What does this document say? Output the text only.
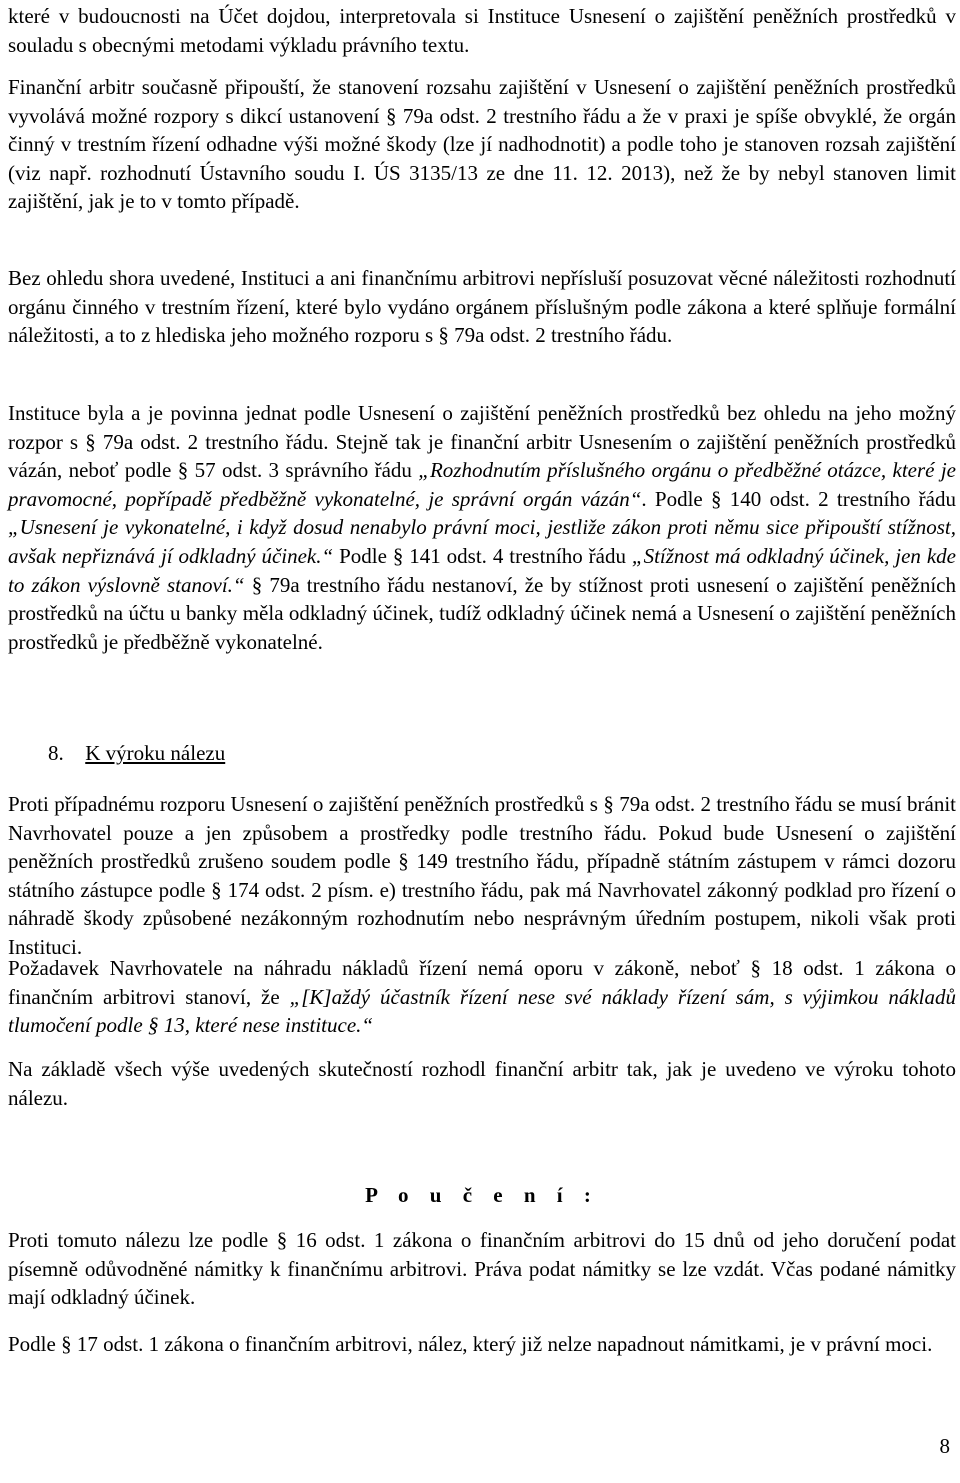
které v budoucnosti na Účet dojdou, interpretovala si Instituce Usnesení o zajištění peněžních prostředků v souladu s obecnými metodami výkladu právního textu.

Finanční arbitr současně připouští, že stanovení rozsahu zajištění v Usnesení o zajištění peněžních prostředků vyvolává možné rozpory s dikcí ustanovení § 79a odst. 2 trestního řádu a že v praxi je spíše obvyklé, že orgán činný v trestním řízení odhadne výši možné škody (lze jí nadhodnotit) a podle toho je stanoven rozsah zajištění (viz např. rozhodnutí Ústavního soudu I. ÚS 3135/13 ze dne 11. 12. 2013), než že by nebyl stanoven limit zajištění, jak je to v tomto případě.

Bez ohledu shora uvedené, Instituci a ani finančnímu arbitrovi nepřísluší posuzovat věcné náležitosti rozhodnutí orgánu činného v trestním řízení, které bylo vydáno orgánem příslušným podle zákona a které splňuje formální náležitosti, a to z hlediska jeho možného rozporu s § 79a odst. 2 trestního řádu.

Instituce byla a je povinna jednat podle Usnesení o zajištění peněžních prostředků bez ohledu na jeho možný rozpor s § 79a odst. 2 trestního řádu. Stejně tak je finanční arbitr Usnesením o zajištění peněžních prostředků vázán, neboť podle § 57 odst. 3 správního řádu „Rozhodnutím příslušného orgánu o předběžné otázce, které je pravomocné, popřípadě předběžně vykonatelné, je správní orgán vázán“. Podle § 140 odst. 2 trestního řádu „Usnesení je vykonatelné, i když dosud nenabylo právní moci, jestliže zákon proti němu sice připouští stížnost, avšak nepřiznává jí odkladný účinek.“ Podle § 141 odst. 4 trestního řádu „Stížnost má odkladný účinek, jen kde to zákon výslovně stanoví.“ § 79a trestního řádu nestanoví, že by stížnost proti usnesení o zajištění peněžních prostředků na účtu u banky měla odkladný účinek, tudíž odkladný účinek nemá a Usnesení o zajištění peněžních prostředků je předběžně vykonatelné.

8. K výroku nálezu

Proti případnému rozporu Usnesení o zajištění peněžních prostředků s § 79a odst. 2 trestního řádu se musí bránit Navrhovatel pouze a jen způsobem a prostředky podle trestního řádu. Pokud bude Usnesení o zajištění peněžních prostředků zrušeno soudem podle § 149 trestního řádu, případně státním zástupem v rámci dozoru státního zástupce podle § 174 odst. 2 písm. e) trestního řádu, pak má Navrhovatel zákonný podklad pro řízení o náhradě škody způsobené nezákonným rozhodnutím nebo nesprávným úředním postupem, nikoli však proti Instituci.

Požadavek Navrhovatele na náhradu nákladů řízení nemá oporu v zákoně, neboť § 18 odst. 1 zákona o finančním arbitrovi stanoví, že „[K]aždý účastník řízení nese své náklady řízení sám, s výjimkou nákladů tlumočení podle § 13, které nese instituce.“

Na základě všech výše uvedených skutečností rozhodl finanční arbitr tak, jak je uvedeno ve výroku tohoto nálezu.

P o u č e n í :

Proti tomuto nálezu lze podle § 16 odst. 1 zákona o finančním arbitrovi do 15 dnů od jeho doručení podat písemně odůvodněné námitky k finančnímu arbitrovi. Práva podat námitky se lze vzdát. Včas podané námitky mají odkladný účinek.

Podle § 17 odst. 1 zákona o finančním arbitrovi, nález, který již nelze napadnout námitkami, je v právní moci.

8
